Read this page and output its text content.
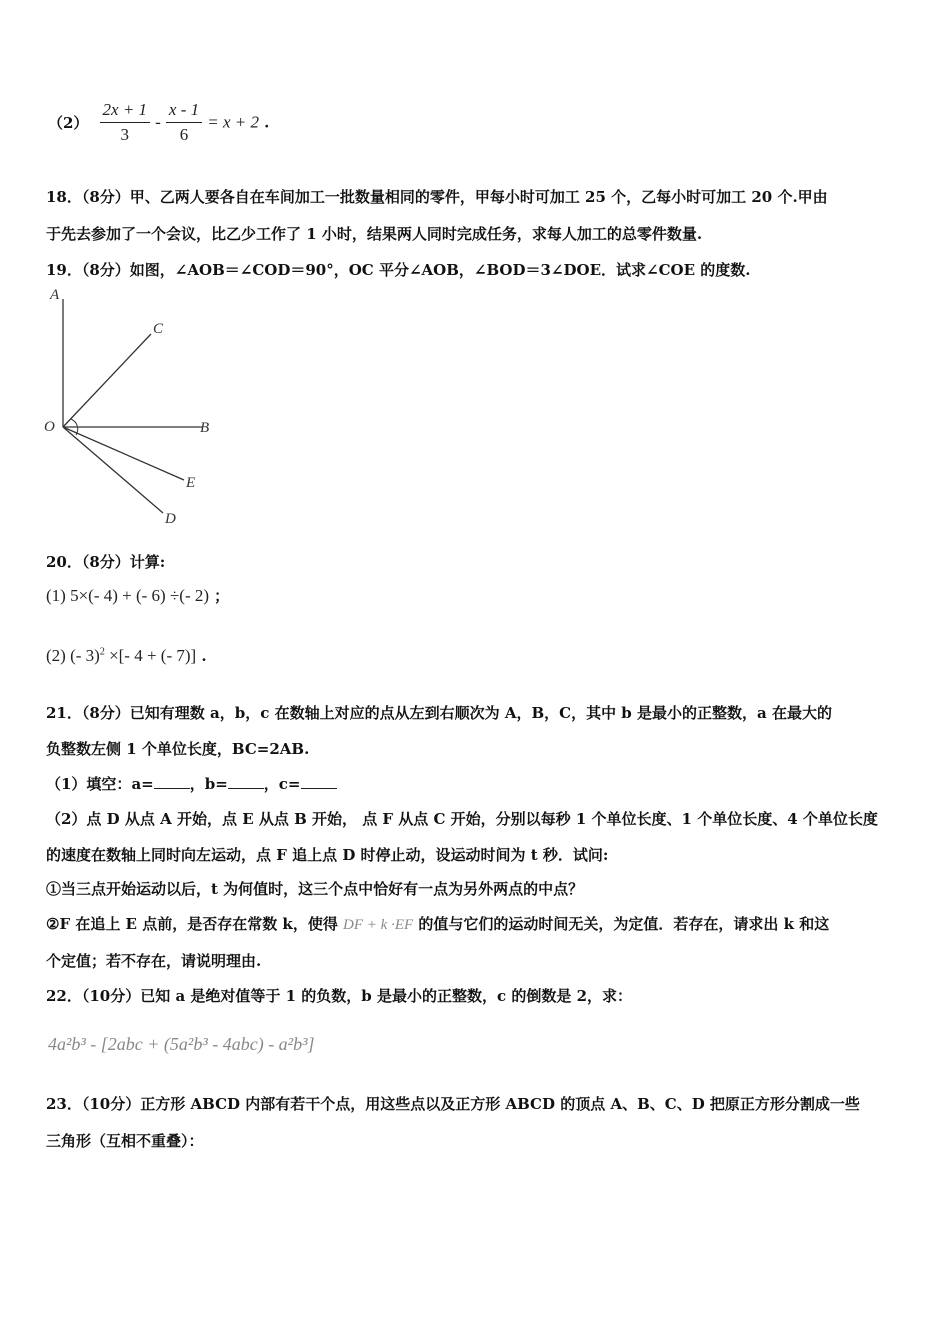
$(2) \frac{2x + 1}{3} - \frac{x - 1}{6} = x + 2$ .
18．（8分）甲、乙两人要各自在车间加工一批数量相同的零件，甲每小时可加工 25 个，乙每小时可加工 20 个.甲由
于先去参加了一个会议，比乙少工作了 1 小时，结果两人同时完成任务，求每人加工的总零件数量.
19．（8分）如图，∠AOB＝∠COD＝90°，OC 平分∠AOB，∠BOD＝3∠DOE．试求∠COE 的度数.
A
C
O	B
E
D
20．（8分）计算:
(1) 5×(- 4) + (- 6) ÷(- 2) ；
(2) (- 3)$^2$ ×[- 4 + (- 7)] .
21．（8分）已知有理数 a，b，c 在数轴上对应的点从左到右顺次为 A，B，C，其中 b 是最小的正整数，a 在最大的
负整数左侧 1 个单位长度，BC=2AB.
（1）填空：a= ，b= ，c=
（2）点 D 从点 A 开始，点 E 从点 B 开始， 点 F 从点 C 开始，分别以每秒 1 个单位长度、1 个单位长度、4 个单位长度
的速度在数轴上同时向左运动，点 F 追上点 D 时停止动，设运动时间为 t 秒．试问:
①当三点开始运动以后，t 为何值时，这三个点中恰好有一点为另外两点的中点？
②F 在追上 E 点前，是否存在常数 k，使得 DF + k ·EF 的值与它们的运动时间无关，为定值．若存在，请求出 k 和这
个定值；若不存在，请说明理由.
22．（10分）已知 a 是绝对值等于 1 的负数，b 是最小的正整数，c 的倒数是 2，求：
4a²b³ - [2abc + (5a²b³ - 4abc) - a²b³]
23．（10分）正方形 ABCD 内部有若干个点，用这些点以及正方形 ABCD 的顶点 A、B、C、D 把原正方形分割成一些
三角形（互相不重叠）：
